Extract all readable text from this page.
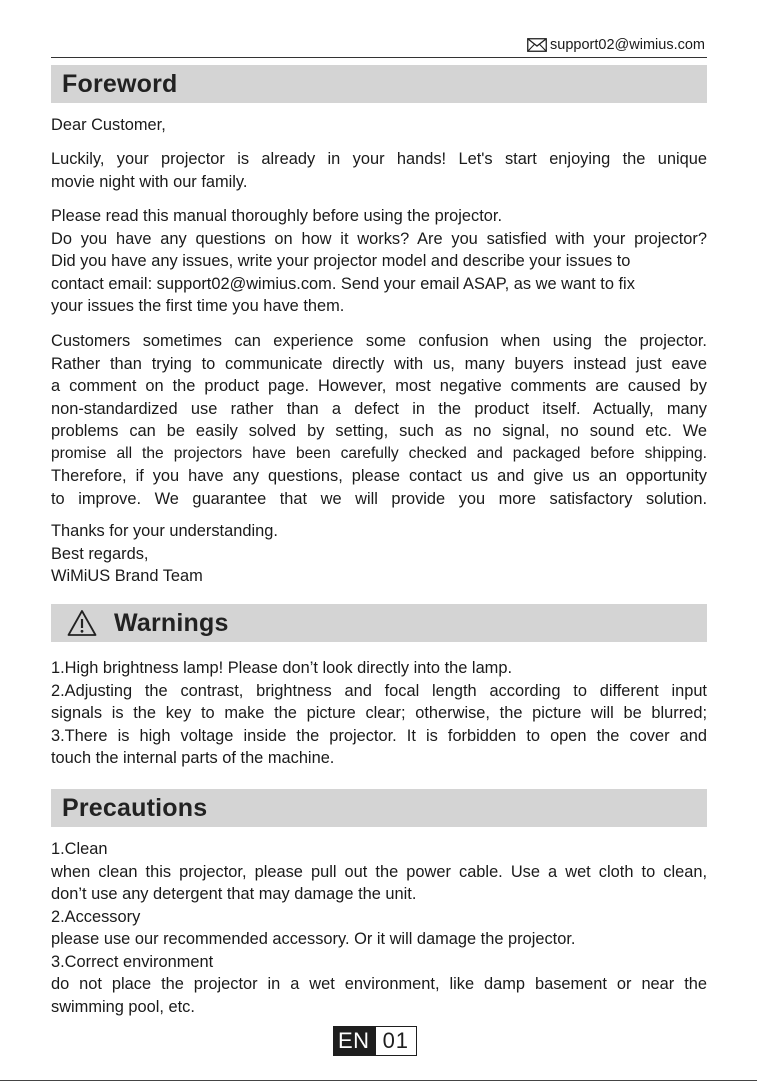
support02@wimius.com
Foreword
Dear Customer,
Luckily, your projector is already in your hands! Let's start enjoying the unique
movie night with our family.
Please read this manual thoroughly before using the projector.
Do you have any questions on how it works? Are you satisfied with your projector?
Did you have any issues, write your projector model and describe your issues to
contact email: support02@wimius.com. Send your email ASAP, as we want to fix
your issues the first time you have them.
Customers sometimes can experience some confusion when using the projector.
Rather than trying to communicate directly with us, many buyers instead just eave
a comment on the product page. However, most negative comments are caused by
non-standardized use rather than a defect in the product itself. Actually, many
problems can be easily solved by setting, such as no signal, no sound etc. We
promise all the projectors have been carefully checked and packaged before shipping.
Therefore, if you have any questions, please contact us and give us an opportunity
to improve. We guarantee that we will provide you more satisfactory solution.
Thanks for your understanding.
Best regards,
WiMiUS Brand Team
Warnings
1.High brightness lamp! Please don’t look directly into the lamp.
2.Adjusting the contrast, brightness and focal length according to different input
signals is the key to make the picture clear; otherwise, the picture will be blurred;
3.There is high voltage inside the projector. It is forbidden to open the cover and
touch the internal parts of the machine.
Precautions
1.Clean
when clean this projector, please pull out the power cable. Use a wet cloth to clean,
don’t use any detergent that may damage the unit.
2.Accessory
please use our recommended accessory. Or it will damage the projector.
3.Correct environment
do not place the projector in a wet environment, like damp basement or near the
swimming pool, etc.
EN 01
